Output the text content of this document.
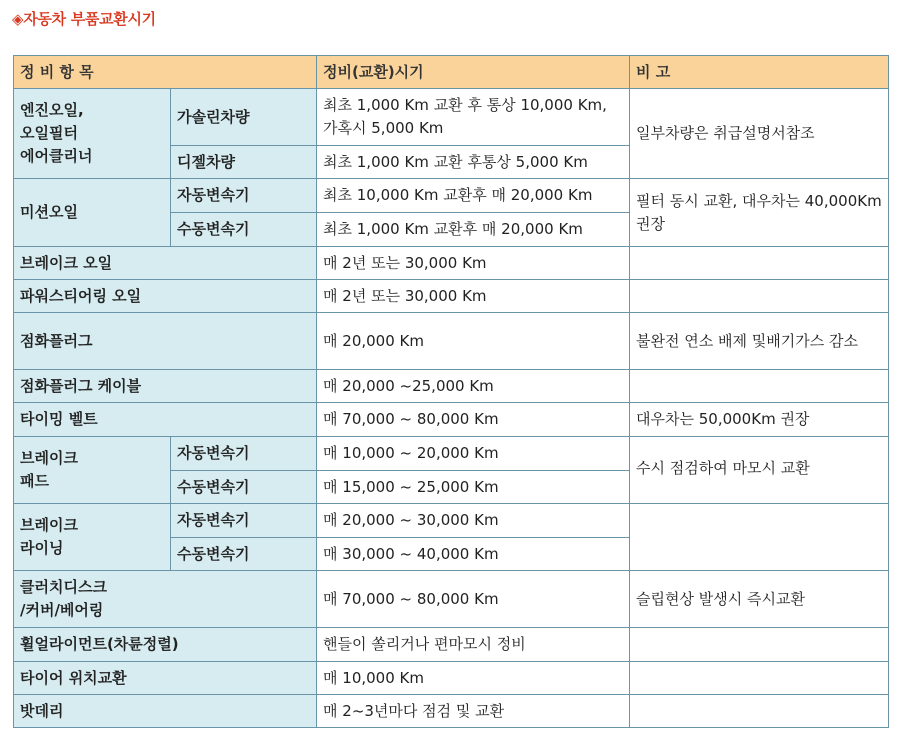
◈자동차 부품교환시기
정 비 항 목		정비(교환)시기	비 고
엔진오일,
오일필터
에어클리너	가솔린차량	최초 1,000 Km 교환 후 통상 10,000 Km, 가혹시 5,000 Km	일부차량은 취급설명서참조
	디젤차량	최초 1,000 Km 교환 후통상 5,000 Km	
미션오일	자동변속기	최초 10,000 Km 교환후 매 20,000 Km	필터 동시 교환, 대우차는 40,000Km 권장
	수동변속기	최초 1,000 Km 교환후 매 20,000 Km	
브레이크 오일		매 2년 또는 30,000 Km	
파워스티어링 오일		매 2년 또는 30,000 Km	
점화플러그		매 20,000 Km	불완전 연소 배제 및배기가스 감소
점화플러그 케이블		매 20,000 ~25,000 Km	
타이밍 벨트		매 70,000 ~ 80,000 Km	대우차는 50,000Km 권장
브레이크
패드	자동변속기	매 10,000 ~ 20,000 Km	수시 점검하여 마모시 교환
	수동변속기	매 15,000 ~ 25,000 Km	
브레이크
라이닝	자동변속기	매 20,000 ~ 30,000 Km	
	수동변속기	매 30,000 ~ 40,000 Km	
클러치디스크
/커버/베어링		매 70,000 ~ 80,000 Km	슬립현상 발생시 즉시교환
휠얼라이먼트(차륜정렬)		핸들이 쏠리거나 편마모시 정비	
타이어 위치교환		매 10,000 Km	
밧데리		매 2~3년마다 점검 및 교환	
